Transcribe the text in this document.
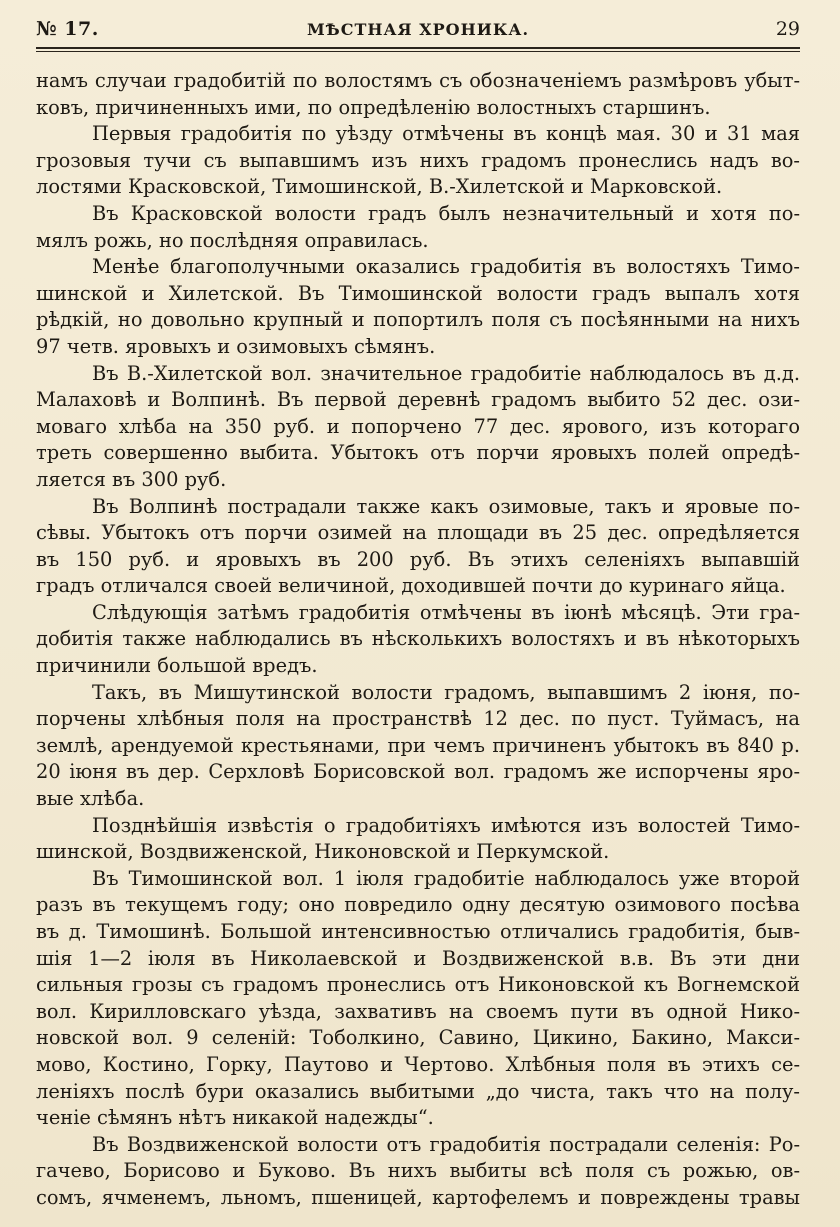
№ 17.	МѢСТНАЯ ХРОНИКА.	29

намъ случаи градобитій по волостямъ съ обозначеніемъ размѣровъ убыт-
ковъ, причиненныхъ ими, по опредѣленію волостныхъ старшинъ.

Первыя градобитія по уѣзду отмѣчены въ концѣ мая. 30 и 31 мая
грозовыя тучи съ выпавшимъ изъ нихъ градомъ пронеслись надъ во-
лостями Красковской, Тимошинской, В.-Хилетской и Марковской.

Въ Красковской волости градъ былъ незначительный и хотя по-
мялъ рожь, но послѣдняя оправилась.

Менѣе благополучными оказались градобитія въ волостяхъ Тимо-
шинской и Хилетской. Въ Тимошинской волости градъ выпалъ хотя
рѣдкій, но довольно крупный и попортилъ поля съ посѣянными на нихъ
97 четв. яровыхъ и озимовыхъ сѣмянъ.

Въ В.-Хилетской вол. значительное градобитіе наблюдалось въ д.д.
Малаховѣ и Волпинѣ. Въ первой деревнѣ градомъ выбито 52 дес. ози-
моваго хлѣба на 350 руб. и попорчено 77 дес. ярового, изъ котораго
треть совершенно выбита. Убытокъ отъ порчи яровыхъ полей опредѣ-
ляется въ 300 руб.

Въ Волпинѣ пострадали также какъ озимовые, такъ и яровые по-
сѣвы. Убытокъ отъ порчи озимей на площади въ 25 дес. опредѣляется
въ 150 руб. и яровыхъ въ 200 руб. Въ этихъ селеніяхъ выпавшій
градъ отличался своей величиной, доходившей почти до куринаго яйца.

Слѣдующія затѣмъ градобитія отмѣчены въ іюнѣ мѣсяцѣ. Эти гра-
добитія также наблюдались въ нѣсколькихъ волостяхъ и въ нѣкоторыхъ
причинили большой вредъ.

Такъ, въ Мишутинской волости градомъ, выпавшимъ 2 іюня, по-
порчены хлѣбныя поля на пространствѣ 12 дес. по пуст. Туймасъ, на
землѣ, арендуемой крестьянами, при чемъ причиненъ убытокъ въ 840 р.
20 іюня въ дер. Серхловѣ Борисовской вол. градомъ же испорчены яро-
вые хлѣба.

Позднѣйшія извѣстія о градобитіяхъ имѣются изъ волостей Тимо-
шинской, Воздвиженской, Никоновской и Перкумской.

Въ Тимошинской вол. 1 іюля градобитіе наблюдалось уже второй
разъ въ текущемъ году; оно повредило одну десятую озимового посѣва
въ д. Тимошинѣ. Большой интенсивностью отличались градобитія, быв-
шія 1—2 іюля въ Николаевской и Воздвиженской в.в. Въ эти дни
сильныя грозы съ градомъ пронеслись отъ Никоновской къ Вогнемской
вол. Кирилловскаго уѣзда, захвативъ на своемъ пути въ одной Нико-
новской вол. 9 селеній: Тоболкино, Савино, Цикино, Бакино, Макси-
мово, Костино, Горку, Паутово и Чертово. Хлѣбныя поля въ этихъ се-
леніяхъ послѣ бури оказались выбитыми „до чиста, такъ что на полу-
ченіе сѣмянъ нѣтъ никакой надежды“.

Въ Воздвиженской волости отъ градобитія пострадали селенія: Ро-
гачево, Борисово и Буково. Въ нихъ выбиты всѣ поля съ рожью, ов-
сомъ, ячменемъ, льномъ, пшеницей, картофелемъ и повреждены травы
